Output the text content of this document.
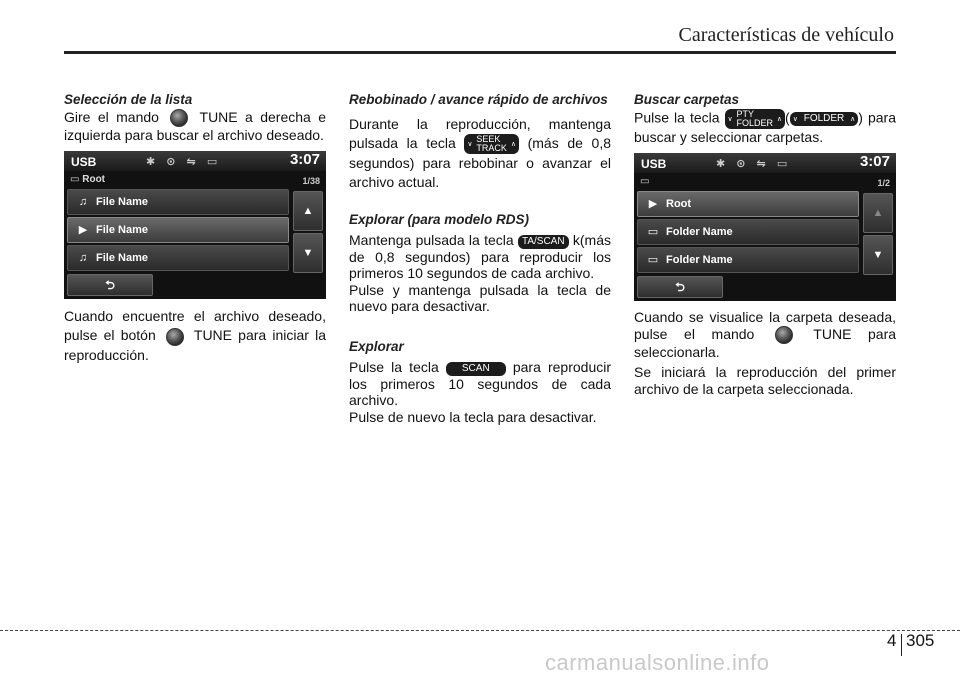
Características de vehículo

Selección de la lista

Gire el mando	TUNE a derecha e izquierda para buscar el archivo deseado.

USB	✱ ⊙ ⇋ ▭	3:07
▭ Root	1/38
♫ File Name
▶ File Name
♫ File Name
▲
▼
⮌

Cuando encuentre el archivo deseado, pulse el botón	TUNE para iniciar la reproducción.

Rebobinado / avance rápido de archivos

Durante la reproducción, mantenga pulsada la tecla ∨
SEEK
TRACK ∧ (más de 0,8 segundos) para rebobinar o avanzar el archivo actual.

Explorar (para modelo RDS)

Mantenga pulsada la tecla TA/SCAN k(más de 0,8 segundos) para reproducir los primeros 10 segundos de cada archivo.

Pulse y mantenga pulsada la tecla de nuevo para desactivar.

Explorar

Pulse la tecla SCAN para reproducir los primeros 10 segundos de cada archivo.

Pulse de nuevo la tecla para desactivar.

Buscar carpetas

Pulse la tecla ∨
PTY
FOLDER ∧ ( ∨ FOLDER ∧ ) para buscar y seleccionar carpetas.

USB	✱ ⊙ ⇋ ▭	3:07
▭	1/2
▶ Root
▭ Folder Name
▭ Folder Name
▲
▼
⮌

Cuando se visualice la carpeta deseada, pulse el mando	TUNE para seleccionarla.

Se iniciará la reproducción del primer archivo de la carpeta seleccionada.

4 305
carmanualsonline.info
